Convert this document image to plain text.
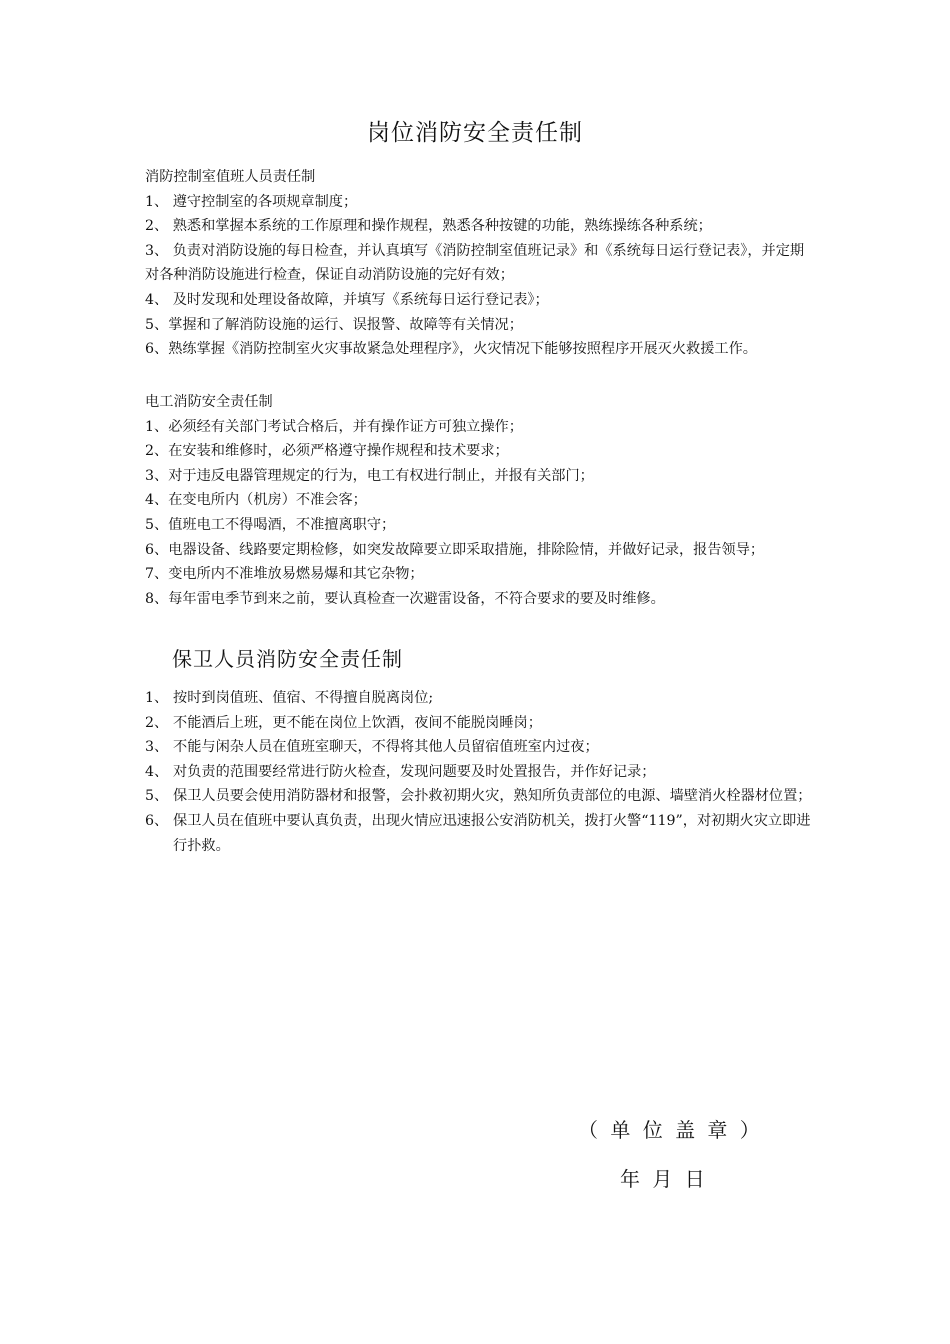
岗位消防安全责任制

消防控制室值班人员责任制

1、 遵守控制室的各项规章制度；

2、 熟悉和掌握本系统的工作原理和操作规程，熟悉各种按键的功能，熟练操练各种系统；

3、 负责对消防设施的每日检查，并认真填写《消防控制室值班记录》和《系统每日运行登记表》，并定期对各种消防设施进行检查，保证自动消防设施的完好有效；

4、 及时发现和处理设备故障，并填写《系统每日运行登记表》；

5、掌握和了解消防设施的运行、误报警、故障等有关情况；

6、熟练掌握《消防控制室火灾事故紧急处理程序》，火灾情况下能够按照程序开展灭火救援工作。

电工消防安全责任制

1、必须经有关部门考试合格后，并有操作证方可独立操作；

2、在安装和维修时，必须严格遵守操作规程和技术要求；

3、对于违反电器管理规定的行为，电工有权进行制止，并报有关部门；

4、在变电所内（机房）不准会客；

5、值班电工不得喝酒，不准擅离职守；

6、电器设备、线路要定期检修，如突发故障要立即采取措施，排除险情，并做好记录，报告领导；

7、变电所内不准堆放易燃易爆和其它杂物；

8、每年雷电季节到来之前，要认真检查一次避雷设备，不符合要求的要及时维修。

保卫人员消防安全责任制
1、 按时到岗值班、值宿、不得擅自脱离岗位;
2、 不能酒后上班，更不能在岗位上饮酒，夜间不能脱岗睡岗；
3、 不能与闲杂人员在值班室聊天，不得将其他人员留宿值班室内过夜；
4、 对负责的范围要经常进行防火检查，发现问题要及时处置报告，并作好记录；
5、 保卫人员要会使用消防器材和报警，会扑救初期火灾，熟知所负责部位的电源、墙壁消火栓器材位置；
6、 保卫人员在值班中要认真负责，出现火情应迅速报公安消防机关，拨打火警“119”，对初期火灾立即进行扑救。
（ 单 位 盖 章 ）
年 月 日
